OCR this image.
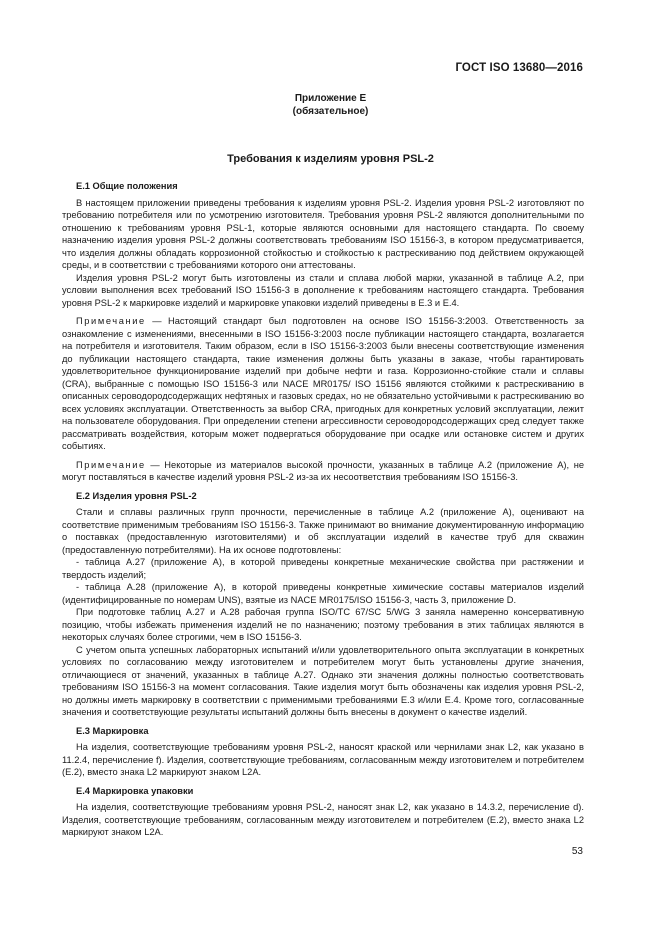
ГОСТ ISO 13680—2016
Приложение Е
(обязательное)
Требования к изделиям уровня PSL-2
Е.1 Общие положения

В настоящем приложении приведены требования к изделиям уровня PSL-2. Изделия уровня PSL-2 изготовляют по требованию потребителя или по усмотрению изготовителя. Требования уровня PSL-2 являются дополнительными по отношению к требованиям уровня PSL-1, которые являются основными для настоящего стандарта. По своему назначению изделия уровня PSL-2 должны соответствовать требованиям ISO 15156-3, в котором предусматривается, что изделия должны обладать коррозионной стойкостью и стойкостью к растрескиванию под действием окружающей среды, и в соответствии с требованиями которого они аттестованы.

Изделия уровня PSL-2 могут быть изготовлены из стали и сплава любой марки, указанной в таблице А.2, при условии выполнения всех требований ISO 15156-3 в дополнение к требованиям настоящего стандарта. Требования уровня PSL-2 к маркировке изделий и маркировке упаковки изделий приведены в Е.3 и Е.4.

Примечание — Настоящий стандарт был подготовлен на основе ISO 15156-3:2003. Ответственность за ознакомление с изменениями, внесенными в ISO 15156-3:2003 после публикации настоящего стандарта, возлагается на потребителя и изготовителя. Таким образом, если в ISO 15156-3:2003 были внесены соответствующие изменения до публикации настоящего стандарта, такие изменения должны быть указаны в заказе, чтобы гарантировать удовлетворительное функционирование изделий при добыче нефти и газа. Коррозионно-стойкие стали и сплавы (CRA), выбранные с помощью ISO 15156-3 или NACE MR0175/ ISO 15156 являются стойкими к растрескиванию в описанных сероводородсодержащих нефтяных и газовых средах, но не обязательно устойчивыми к растрескиванию во всех условиях эксплуатации. Ответственность за выбор CRA, пригодных для конкретных условий эксплуатации, лежит на пользователе оборудования. При определении степени агрессивности сероводородсодержащих сред следует также рассматривать воздействия, которым может подвергаться оборудование при осадке или остановке систем и других событиях.

Примечание — Некоторые из материалов высокой прочности, указанных в таблице А.2 (приложение А), не могут поставляться в качестве изделий уровня PSL-2 из-за их несоответствия требованиям ISO 15156-3.

Е.2 Изделия уровня PSL-2

Стали и сплавы различных групп прочности, перечисленные в таблице А.2 (приложение А), оценивают на соответствие применимым требованиям ISO 15156-3. Также принимают во внимание документированную информацию о поставках (предоставленную изготовителями) и об эксплуатации изделий в качестве труб для скважин (предоставленную потребителями). На их основе подготовлены:

- таблица А.27 (приложение А), в которой приведены конкретные механические свойства при растяжении и твердость изделий;

- таблица А.28 (приложение А), в которой приведены конкретные химические составы материалов изделий (идентифицированные по номерам UNS), взятые из NACE MR0175/ISO 15156-3, часть 3, приложение D.

При подготовке таблиц А.27 и А.28 рабочая группа ISO/TC 67/SC 5/WG 3 заняла намеренно консервативную позицию, чтобы избежать применения изделий не по назначению; поэтому требования в этих таблицах являются в некоторых случаях более строгими, чем в ISO 15156-3.

С учетом опыта успешных лабораторных испытаний и/или удовлетворительного опыта эксплуатации в конкретных условиях по согласованию между изготовителем и потребителем могут быть установлены другие значения, отличающиеся от значений, указанных в таблице А.27. Однако эти значения должны полностью соответствовать требованиям ISO 15156-3 на момент согласования. Такие изделия могут быть обозначены как изделия уровня PSL-2, но должны иметь маркировку в соответствии с применимыми требованиями Е.3 и/или Е.4. Кроме того, согласованные значения и соответствующие результаты испытаний должны быть внесены в документ о качестве изделий.

Е.3 Маркировка

На изделия, соответствующие требованиям уровня PSL-2, наносят краской или чернилами знак L2, как указано в 11.2.4, перечисление f). Изделия, соответствующие требованиям, согласованным между изготовителем и потребителем (Е.2), вместо знака L2 маркируют знаком L2A.

Е.4 Маркировка упаковки

На изделия, соответствующие требованиям уровня PSL-2, наносят знак L2, как указано в 14.3.2, перечисление d). Изделия, соответствующие требованиям, согласованным между изготовителем и потребителем (Е.2), вместо знака L2 маркируют знаком L2А.

53
